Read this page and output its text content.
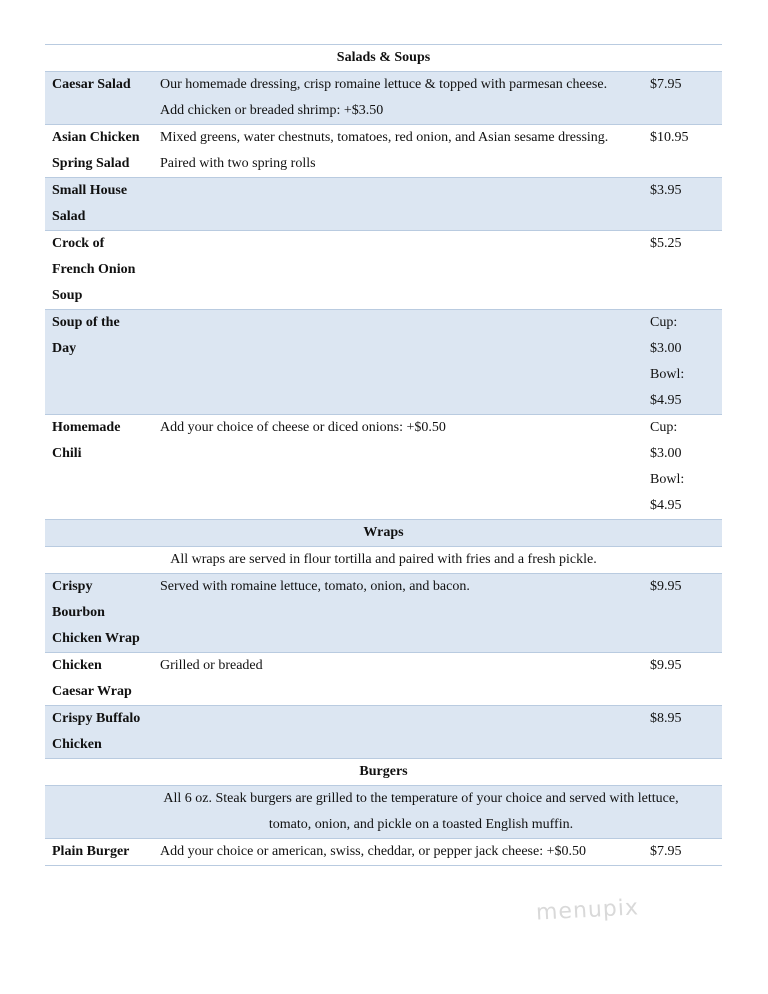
Salads & Soups		
Caesar Salad	Our homemade dressing, crisp romaine lettuce & topped with parmesan cheese.
Add chicken or breaded shrimp: +$3.50	$7.95

Asian Chicken Spring Salad	Mixed greens, water chestnuts, tomatoes, red onion, and Asian sesame dressing.
Paired with two spring rolls	$10.95

Small House Salad		$3.95

Crock of French Onion Soup		$5.25

Soup of the Day		Cup:
$3.00
Bowl:
$4.95

Homemade Chili	Add your choice of cheese or diced onions: +$0.50	Cup:
$3.00
Bowl:
$4.95

Wraps		
All wraps are served in flour tortilla and paired with fries and a fresh pickle.		
Crispy Bourbon Chicken Wrap	Served with romaine lettuce, tomato, onion, and bacon.	$9.95

Chicken Caesar Wrap	Grilled or breaded	$9.95

Crispy Buffalo Chicken		$8.95

Burgers		
	All 6 oz. Steak burgers are grilled to the temperature of your choice and served with lettuce, tomato, onion, and pickle on a toasted English muffin.	
Plain Burger	Add your choice or american, swiss, cheddar, or pepper jack cheese: +$0.50	$7.95
menupix
